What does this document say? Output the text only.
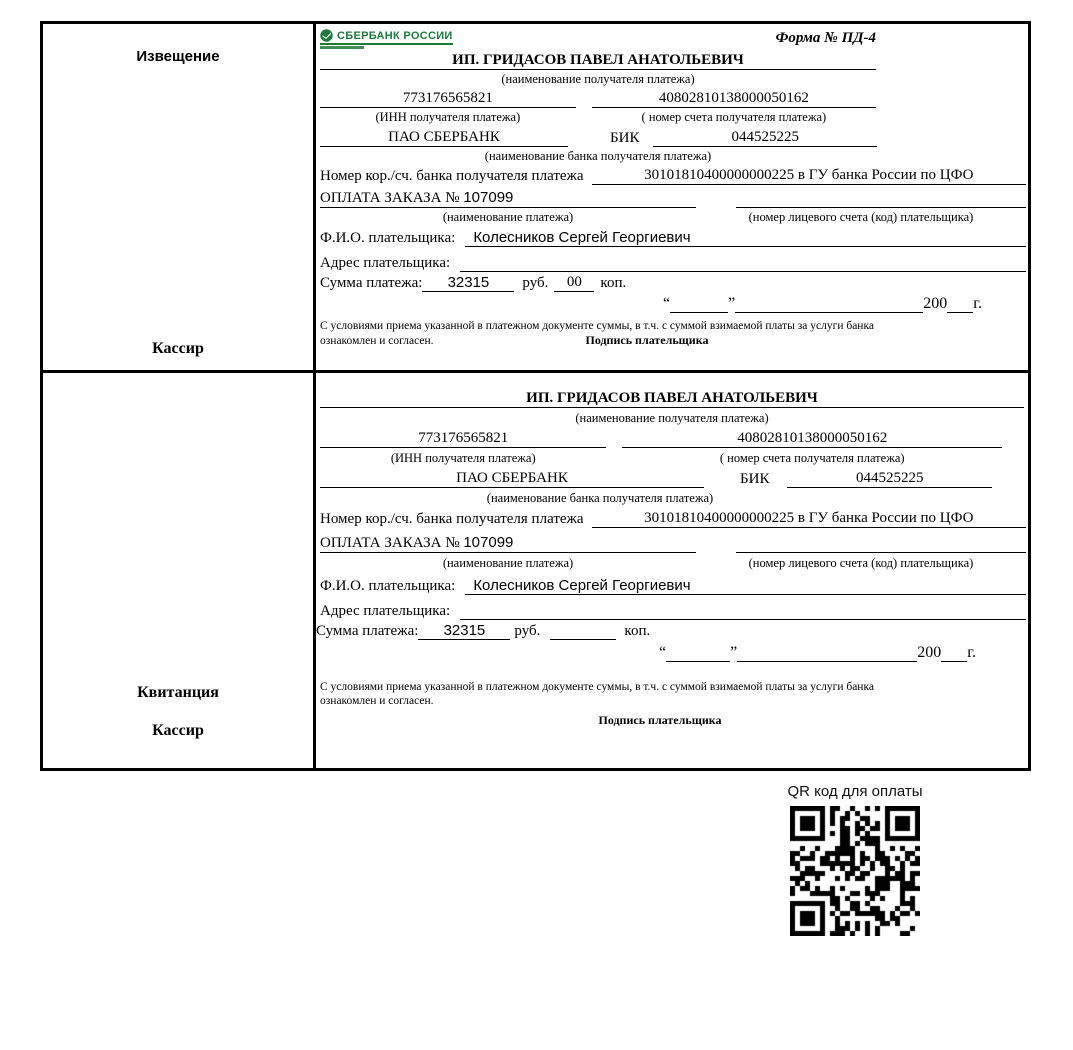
Извещение
Кассир
СБЕРБАНК РОССИИ	Форма № ПД-4
ИП. ГРИДАСОВ ПАВЕЛ АНАТОЛЬЕВИЧ
(наименование получателя платежа)
773176565821	40802810138000050162
(ИНН получателя платежа)	( номер счета получателя платежа)
ПАО СБЕРБАНК	БИК	044525225
(наименование банка получателя платежа)
Номер кор./сч. банка получателя платежа	30101810400000000225 в ГУ банка России по ЦФО
ОПЛАТА ЗАКАЗА № 107099
(наименование платежа)	(номер лицевого счета (код) плательщика)
Ф.И.О. плательщика:	Колесников Сергей Георгиевич
Адрес плательщика:
Сумма платежа:	32315	руб.	00	коп.
“	”	200 г.
С условиями приема указанной в платежном документе суммы, в т.ч. с суммой взимаемой платы за услуги банка
ознакомлен и согласен.	Подпись плательщика
Квитанция
Кассир
ИП. ГРИДАСОВ ПАВЕЛ АНАТОЛЬЕВИЧ
(наименование получателя платежа)
773176565821	40802810138000050162
(ИНН получателя платежа)	( номер счета получателя платежа)
ПАО СБЕРБАНК	БИК	044525225
(наименование банка получателя платежа)
Номер кор./сч. банка получателя платежа	30101810400000000225 в ГУ банка России по ЦФО
ОПЛАТА ЗАКАЗА № 107099
(наименование платежа)	(номер лицевого счета (код) плательщика)
Ф.И.О. плательщика:	Колесников Сергей Георгиевич
Адрес плательщика:
Сумма платежа:	32315	руб.	коп.
“	”	200 г.
С условиями приема указанной в платежном документе суммы, в т.ч. с суммой взимаемой платы за услуги банка
ознакомлен и согласен.
Подпись плательщика
QR код для оплаты
